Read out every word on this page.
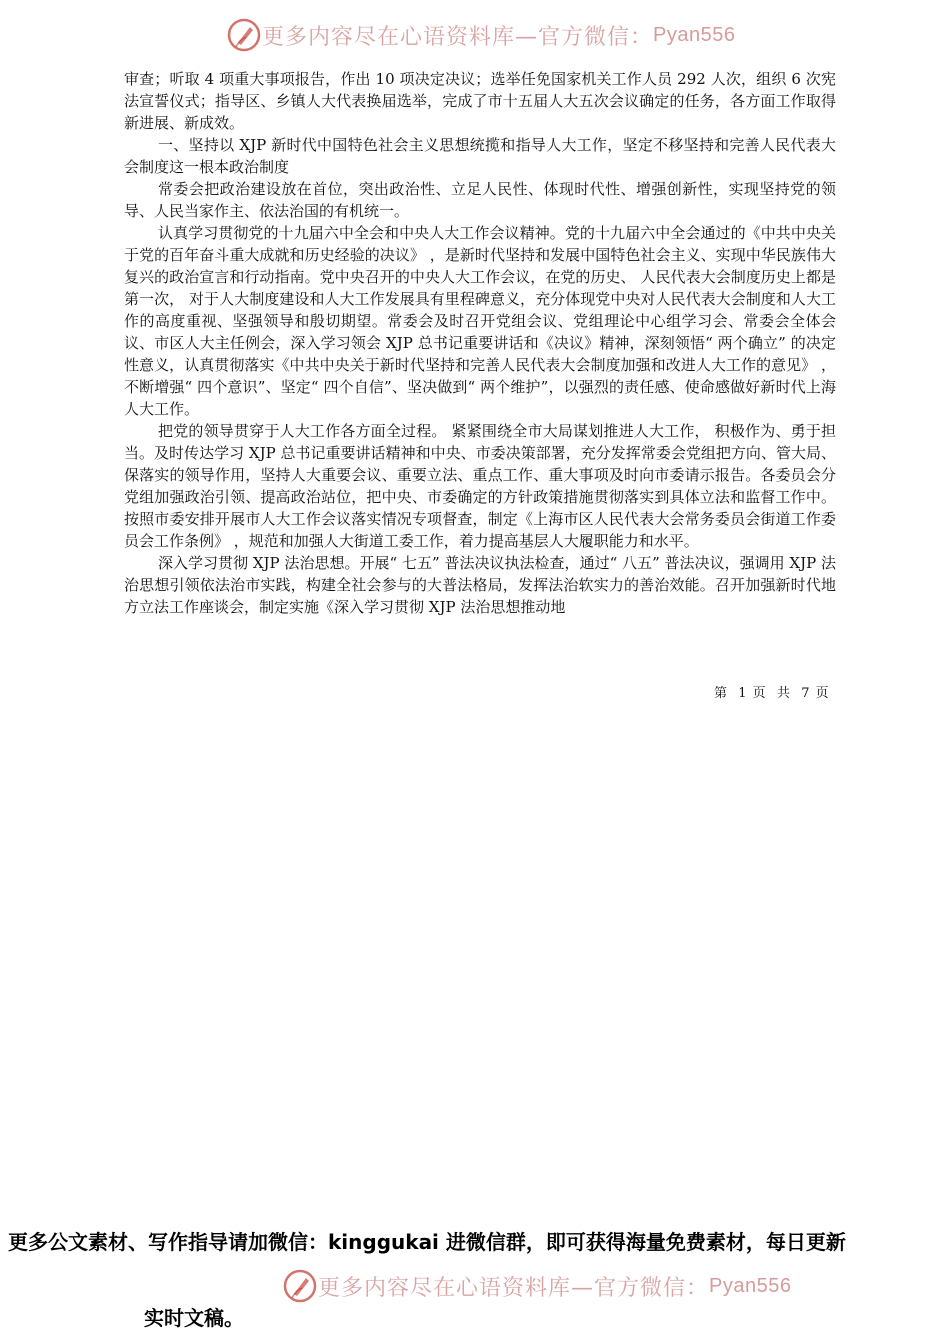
更多内容尽在心语资料库—官方微信： Pyan556

审查；听取 4 项重大事项报告，作出 10 项决定决议；选举任免国家机关工作人员 292 人次，组织 6 次宪法宣誓仪式；指导区、乡镇人大代表换届选举，完成了市十五届人大五次会议确定的任务，各方面工作取得新进展、新成效。

一、坚持以 XJP 新时代中国特色社会主义思想统揽和指导人大工作，坚定不移坚持和完善人民代表大会制度这一根本政治制度

常委会把政治建设放在首位，突出政治性、立足人民性、体现时代性、增强创新性，实现坚持党的领导、人民当家作主、依法治国的有机统一。

认真学习贯彻党的十九届六中全会和中央人大工作会议精神。党的十九届六中全会通过的《中共中央关于党的百年奋斗重大成就和历史经验的决议》 ，是新时代坚持和发展中国特色社会主义、实现中华民族伟大复兴的政治宣言和行动指南。党中央召开的中央人大工作会议，在党的历史、 人民代表大会制度历史上都是第一次， 对于人大制度建设和人大工作发展具有里程碑意义，充分体现党中央对人民代表大会制度和人大工作的高度重视、坚强领导和殷切期望。常委会及时召开党组会议、党组理论中心组学习会、常委会全体会议、市区人大主任例会，深入学习领会 XJP 总书记重要讲话和《决议》精神，深刻领悟“ 两个确立” 的决定性意义，认真贯彻落实《中共中央关于新时代坚持和完善人民代表大会制度加强和改进人大工作的意见》 ，不断增强“ 四个意识”、坚定“ 四个自信”、坚决做到“ 两个维护”，以强烈的责任感、使命感做好新时代上海人大工作。

把党的领导贯穿于人大工作各方面全过程。 紧紧围绕全市大局谋划推进人大工作， 积极作为、勇于担当。及时传达学习 XJP 总书记重要讲话精神和中央、市委决策部署，充分发挥常委会党组把方向、管大局、保落实的领导作用，坚持人大重要会议、重要立法、重点工作、重大事项及时向市委请示报告。各委员会分党组加强政治引领、提高政治站位，把中央、市委确定的方针政策措施贯彻落实到具体立法和监督工作中。按照市委安排开展市人大工作会议落实情况专项督查，制定《上海市区人民代表大会常务委员会街道工作委员会工作条例》 ，规范和加强人大街道工委工作，着力提高基层人大履职能力和水平。

深入学习贯彻 XJP 法治思想。开展“ 七五” 普法决议执法检查，通过“ 八五” 普法决议，强调用 XJP 法治思想引领依法治市实践，构建全社会参与的大普法格局，发挥法治软实力的善治效能。召开加强新时代地方立法工作座谈会，制定实施《深入学习贯彻 XJP 法治思想推动地

第  1 页  共  7 页
更多公文素材、写作指导请加微信：kinggukai 进微信群，即可获得海量免费素材，每日更新
更多内容尽在心语资料库—官方微信： Pyan556
实时文稿。
